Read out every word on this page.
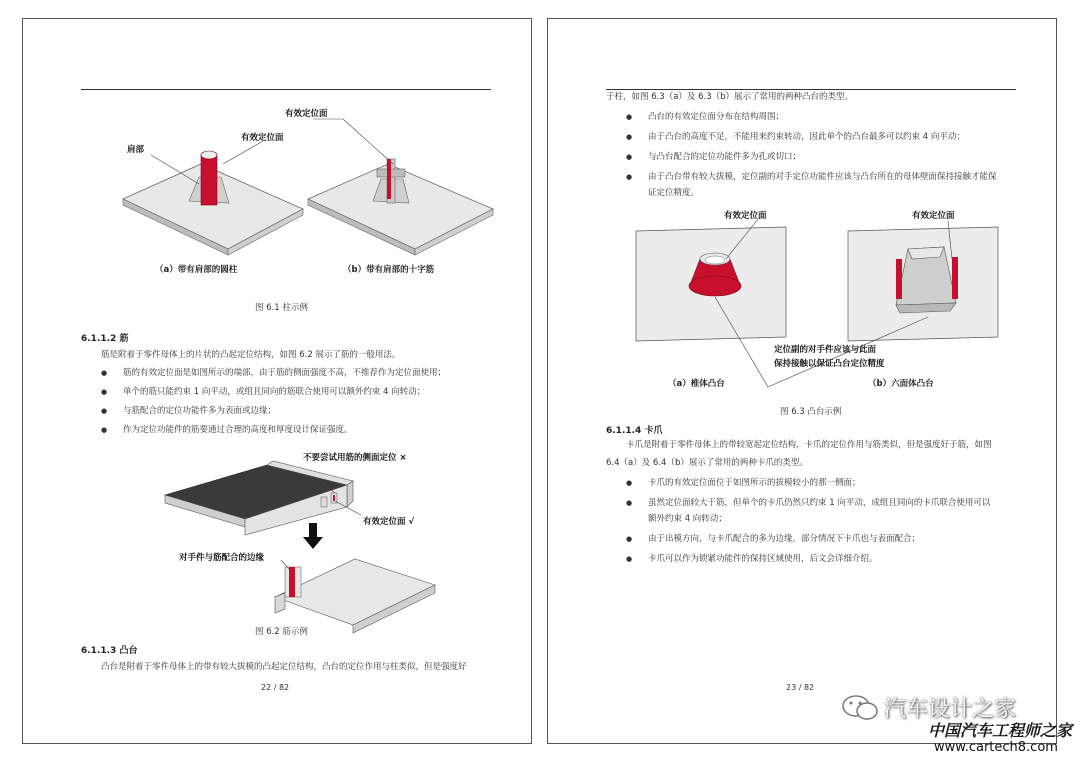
有效定位面
有效定位面
肩部
（a）带有肩部的圆柱	（b）带有肩部的十字筋
图 6.1 柱示例
6.1.1.2 筋
筋是附着于零件母体上的片状的凸起定位结构，如图 6.2 展示了筋的一般用法。
● 筋的有效定位面是如图所示的端部，由于筋的侧面强度不高，不推荐作为定位面使用；
● 单个的筋只能约束 1 向平动，或组且同向的筋联合使用可以额外约束 4 向转动；
● 与筋配合的定位功能件多为表面或边缘；
● 作为定位功能件的筋要通过合理的高度和厚度设计保证强度。
不要尝试用筋的侧面定位 ×
有效定位面 √
对手件与筋配合的边缘
图 6.2 筋示例
6.1.1.3 凸台
凸台是附着于零件母体上的带有较大拔模的凸起定位结构，凸台的定位作用与柱类似，但是强度好
22 / 82
于柱，如图 6.3（a）及 6.3（b）展示了常用的两种凸台的类型。
● 凸台的有效定位面分布在结构周围；
● 由于凸台的高度不足，不能用来约束转动，因此单个的凸台最多可以约束 4 向平动；
● 与凸台配合的定位功能件多为孔或切口；
● 由于凸台带有较大拔模，定位副的对手定位功能件应该与凸台所在的母体壁面保持接触才能保
证定位精度。
有效定位面	有效定位面
定位副的对手件应该与此面
保持接触以保证凸台定位精度
（a）椎体凸台	（b）六面体凸台
图 6.3 凸台示例
6.1.1.4 卡爪
卡爪是附着于零件母体上的带较宽起定位结构，卡爪的定位作用与筋类似，但是强度好于筋，如图
6.4（a）及 6.4（b）展示了常用的两种卡爪的类型。
● 卡爪的有效定位面位于如图所示的拔模较小的那一侧面；
● 虽然定位面较大于筋，但单个的卡爪仍然只约束 1 向平动，成组且同向的卡爪联合使用可以
额外约束 4 向转动；
● 由于出模方向，与卡爪配合的多为边缘，部分情况下卡爪也与表面配合；
● 卡爪可以作为锁紧功能件的保持区域使用，后文会详细介绍。
23 / 82
汽车设计之家
中国汽车工程师之家
www.cartech8.com
